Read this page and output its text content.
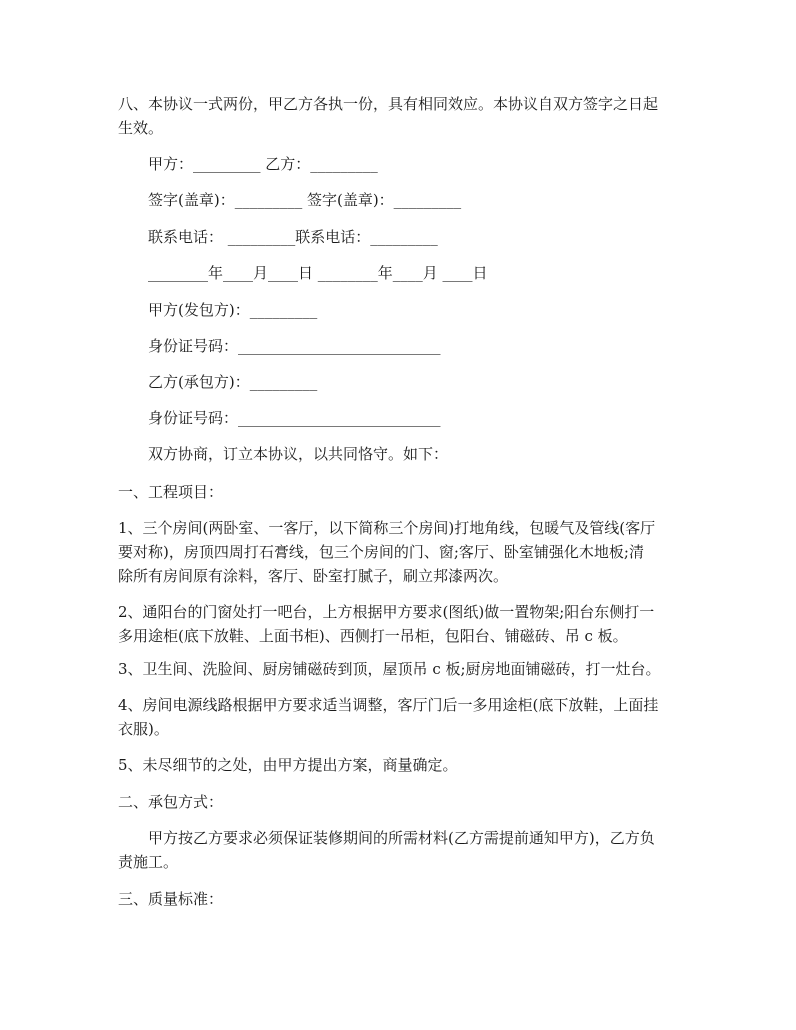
八、本协议一式两份，甲乙方各执一份，具有相同效应。本协议自双方签字之日起
生效。

甲方：_________ 乙方：_________

签字(盖章)：_________ 签字(盖章)：_________

联系电话： _________联系电话：_________

________年____月____日 ________年____月 ____日

甲方(发包方)：_________

身份证号码：___________________________

乙方(承包方)：_________

身份证号码：___________________________

双方协商，订立本协议，以共同恪守。如下：

一、工程项目：

1、三个房间(两卧室、一客厅，以下简称三个房间)打地角线，包暖气及管线(客厅
要对称)，房顶四周打石膏线，包三个房间的门、窗;客厅、卧室铺强化木地板;清
除所有房间原有涂料，客厅、卧室打腻子，刷立邦漆两次。

2、通阳台的门窗处打一吧台，上方根据甲方要求(图纸)做一置物架;阳台东侧打一
多用途柜(底下放鞋、上面书柜)、西侧打一吊柜，包阳台、铺磁砖、吊 c 板。

3、卫生间、洗脸间、厨房铺磁砖到顶，屋顶吊 c 板;厨房地面铺磁砖，打一灶台。

4、房间电源线路根据甲方要求适当调整，客厅门后一多用途柜(底下放鞋，上面挂
衣服)。

5、未尽细节的之处，由甲方提出方案，商量确定。

二、承包方式：

甲方按乙方要求必须保证装修期间的所需材料(乙方需提前通知甲方)，乙方负

责施工。

三、质量标准：
